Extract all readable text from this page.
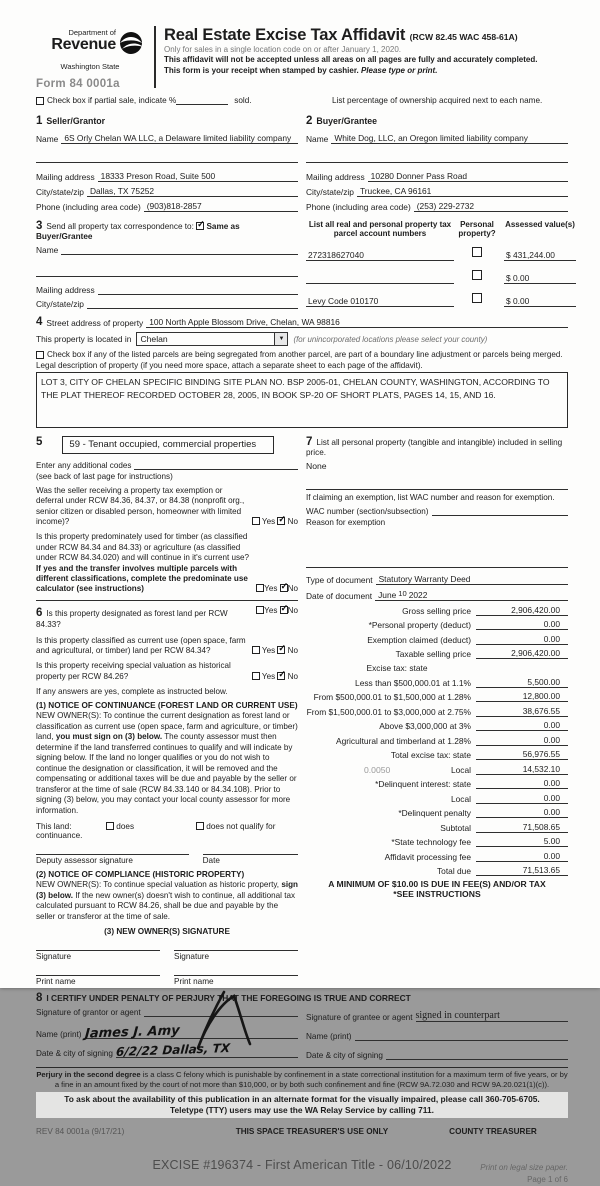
Department of
Revenue
Washington State
Form 84 0001a
Real Estate Excise Tax Affidavit (RCW 82.45 WAC 458-61A)
Only for sales in a single location code on or after January 1, 2020.
This affidavit will not be accepted unless all areas on all pages are fully and accurately completed.
This form is your receipt when stamped by cashier. Please type or print.
Check box if partial sale, indicate %	sold.	List percentage of ownership acquired next to each name.
1 Seller/Grantor
Name 6S Orly Chelan WA LLC, a Delaware limited liability company
Mailing address 18333 Preson Road, Suite 500
City/state/zip Dallas, TX 75252
Phone (including area code) (903)818-2857
2 Buyer/Grantee
Name White Dog, LLC, an Oregon limited liability company
Mailing address 10280 Donner Pass Road
City/state/zip Truckee, CA 96161
Phone (including area code) (253) 229-2732
3 Send all property tax correspondence to: ✓ Same as Buyer/Grantee
Name
Mailing address
City/state/zip
List all real and personal property tax parcel account numbers
Personal property?
Assessed value(s)
272318627040	$ 431,244.00
$ 0.00
Levy Code 010170	$ 0.00
4 Street address of property 100 North Apple Blossom Drive, Chelan, WA 98816
This property is located in	Chelan	▼ (for unincorporated locations please select your county)
Check box if any of the listed parcels are being segregated from another parcel, are part of a boundary line adjustment or parcels being merged.
Legal description of property (if you need more space, attach a separate sheet to each page of the affidavit).
LOT 3, CITY OF CHELAN SPECIFIC BINDING SITE PLAN NO. BSP 2005-01, CHELAN COUNTY, WASHINGTON, ACCORDING TO THE PLAT THEREOF RECORDED OCTOBER 28, 2005, IN BOOK SP-20 OF SHORT PLATS, PAGES 14, 15, AND 16.
5	59 - Tenant occupied, commercial properties
Enter any additional codes
(see back of last page for instructions)
Was the seller receiving a property tax exemption or deferral under RCW 84.36, 84.37, or 84.38 (nonprofit org., senior citizen or disabled person, homeowner with limited income)?	Yes ✓ No
Is this property predominately used for timber (as classified under RCW 84.34 and 84.33) or agriculture (as classified under RCW 84.34.020) and will continue in it's current use? If yes and the transfer involves multiple parcels with different classifications, complete the predominate use calculator (see instructions)	Yes ✓ No
6 Is this property designated as forest land per RCW 84.33?
Yes ✓ No
Is this property classified as current use (open space, farm and agricultural, or timber) land per RCW 84.34?	Yes ✓ No
Is this property receiving special valuation as historical property per RCW 84.26?	Yes ✓ No
If any answers are yes, complete as instructed below.
(1) NOTICE OF CONTINUANCE (FOREST LAND OR CURRENT USE)
NEW OWNER(S): To continue the current designation as forest land or classification as current use (open space, farm and agriculture, or timber) land, you must sign on (3) below. The county assessor must then determine if the land transferred continues to qualify and will indicate by signing below. If the land no longer qualifies or you do not wish to continue the designation or classification, it will be removed and the compensating or additional taxes will be due and payable by the seller or transferor at the time of sale (RCW 84.33.140 or 84.34.108). Prior to signing (3) below, you may contact your local county assessor for more information.
This land:	does	does not qualify for
continuance.
Deputy assessor signature	Date
(2) NOTICE OF COMPLIANCE (HISTORIC PROPERTY)
NEW OWNER(S): To continue special valuation as historic property, sign (3) below. If the new owner(s) doesn't wish to continue, all additional tax calculated pursuant to RCW 84.26, shall be due and payable by the seller or transferor at the time of sale.
(3) NEW OWNER(S) SIGNATURE
Signature	Signature
Print name	Print name
7 List all personal property (tangible and intangible) included in selling price.
None
If claiming an exemption, list WAC number and reason for exemption.
WAC number (section/subsection)
Reason for exemption
Type of document Statutory Warranty Deed
Date of document June 10 2022
Gross selling price	2,906,420.00
*Personal property (deduct)	0.00
Exemption claimed (deduct)	0.00
Taxable selling price	2,906,420.00
Excise tax: state
Less than $500,000.01 at 1.1%	5,500.00
From $500,000.01 to $1,500,000 at 1.28%	12,800.00
From $1,500,000.01 to $3,000,000 at 2.75%	38,676.55
Above $3,000,000 at 3%	0.00
Agricultural and timberland at 1.28%	0.00
Total excise tax: state	56,976.55
0.0050	Local	14,532.10
*Delinquent interest: state	0.00
Local	0.00
*Delinquent penalty	0.00
Subtotal	71,508.65
*State technology fee	5.00
Affidavit processing fee	0.00
Total due	71,513.65
A MINIMUM OF $10.00 IS DUE IN FEE(S) AND/OR TAX
*SEE INSTRUCTIONS
8 I CERTIFY UNDER PENALTY OF PERJURY THAT THE FOREGOING IS TRUE AND CORRECT
Signature of grantor or agent
Name (print) James J. Amy
Date & city of signing 6/2/22 Dallas, TX
Signature of grantee or agent signed in counterpart
Name (print)
Date & city of signing
Perjury in the second degree is a class C felony which is punishable by confinement in a state correctional institution for a maximum term of five years, or by a fine in an amount fixed by the court of not more than $10,000, or by both such confinement and fine (RCW 9A.72.030 and RCW 9A.20.021(1)(c)).
To ask about the availability of this publication in an alternate format for the visually impaired, please call 360-705-6705. Teletype (TTY) users may use the WA Relay Service by calling 711.
REV 84 0001a (9/17/21)	THIS SPACE TREASURER'S USE ONLY	COUNTY TREASURER
EXCISE #196374 - First American Title - 06/10/2022	Print on legal size paper.
Page 1 of 6
